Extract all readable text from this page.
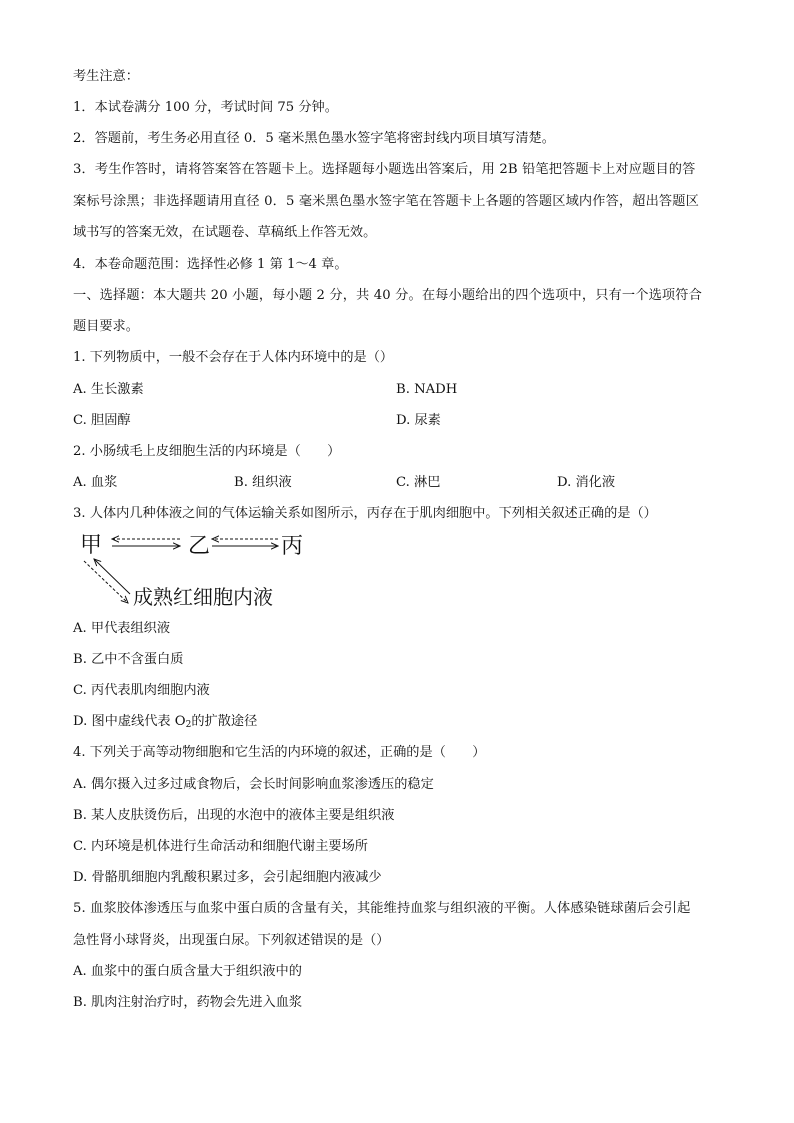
考生注意：
1．本试卷满分 100 分，考试时间 75 分钟。
2．答题前，考生务必用直径 0．5 毫米黑色墨水签字笔将密封线内项目填写清楚。
3．考生作答时，请将答案答在答题卡上。选择题每小题选出答案后，用 2B 铅笔把答题卡上对应题目的答
案标号涂黑；非选择题请用直径 0．5 毫米黑色墨水签字笔在答题卡上各题的答题区域内作答，超出答题区
域书写的答案无效，在试题卷、草稿纸上作答无效。
4．本卷命题范围：选择性必修 1 第 1～4 章。
一、选择题：本大题共 20 小题，每小题 2 分，共 40 分。在每小题给出的四个选项中，只有一个选项符合
题目要求。
1. 下列物质中，一般不会存在于人体内环境中的是（）
A. 生长激素	B. NADH
C. 胆固醇	D. 尿素
2. 小肠绒毛上皮细胞生活的内环境是（　　）
A. 血浆	B. 组织液	C. 淋巴	D. 消化液
3. 人体内几种体液之间的气体运输关系如图所示，丙存在于肌肉细胞中。下列相关叙述正确的是（）
甲	乙	丙
成熟红细胞内液
A. 甲代表组织液
B. 乙中不含蛋白质
C. 丙代表肌肉细胞内液
D. 图中虚线代表 $O_2$的扩散途径
4. 下列关于高等动物细胞和它生活的内环境的叙述，正确的是（　　）
A. 偶尔摄入过多过咸食物后，会长时间影响血浆渗透压的稳定
B. 某人皮肤烫伤后，出现的水泡中的液体主要是组织液
C. 内环境是机体进行生命活动和细胞代谢主要场所
D. 骨骼肌细胞内乳酸积累过多，会引起细胞内液减少
5. 血浆胶体渗透压与血浆中蛋白质的含量有关，其能维持血浆与组织液的平衡。人体感染链球菌后会引起
急性肾小球肾炎，出现蛋白尿。下列叙述错误的是（）
A. 血浆中的蛋白质含量大于组织液中的
B. 肌肉注射治疗时，药物会先进入血浆
